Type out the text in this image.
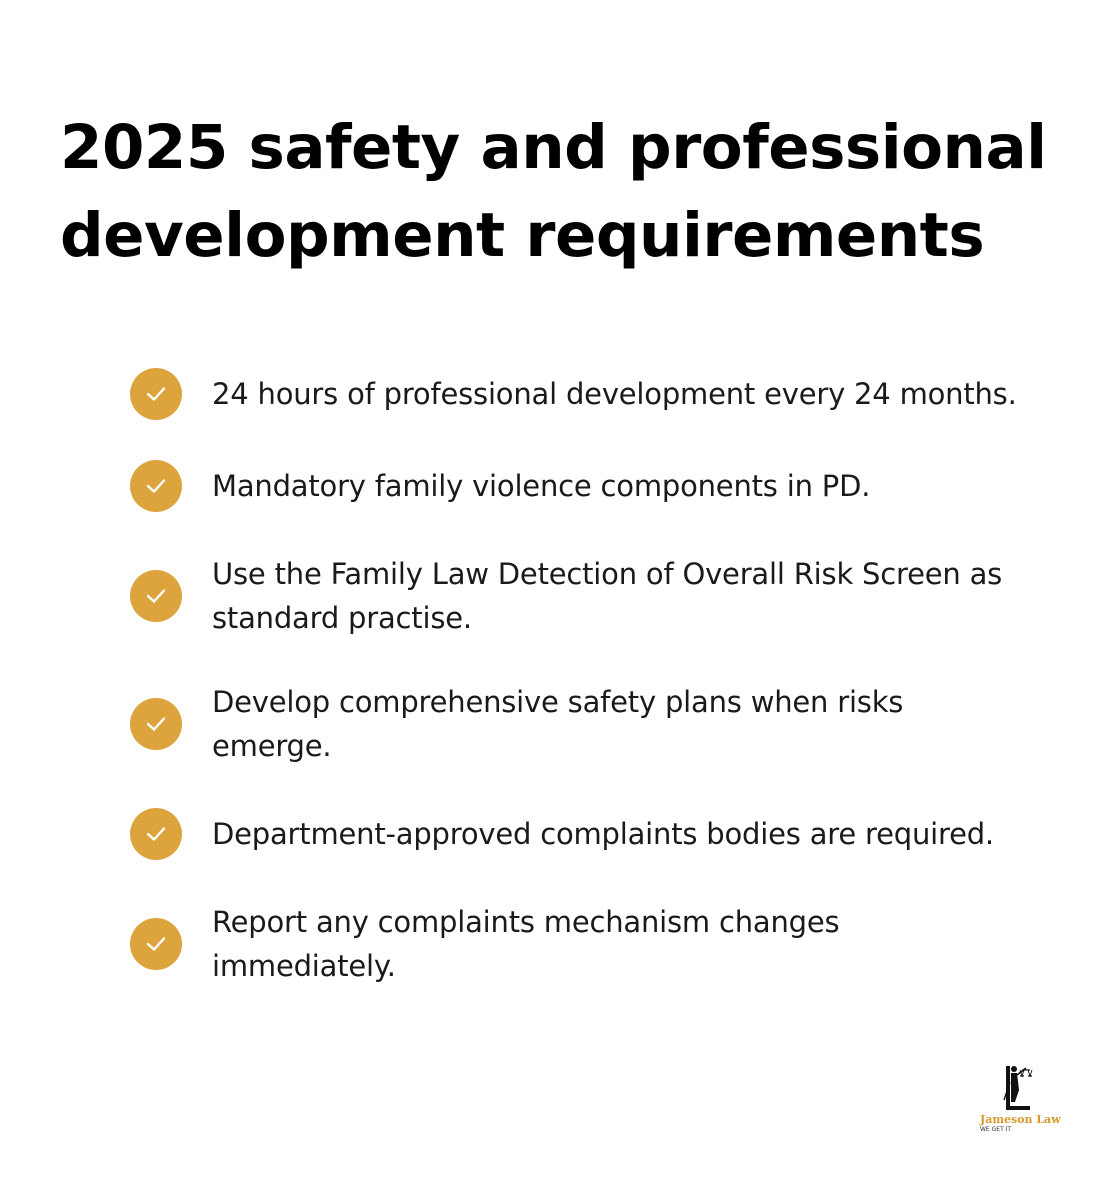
2025 safety and professional
development requirements
24 hours of professional development every 24 months.
Mandatory family violence components in PD.
Use the Family Law Detection of Overall Risk Screen as
standard practise.
Develop comprehensive safety plans when risks
emerge.
Department-approved complaints bodies are required.
Report any complaints mechanism changes
immediately.
Jameson Law
WE GET IT
